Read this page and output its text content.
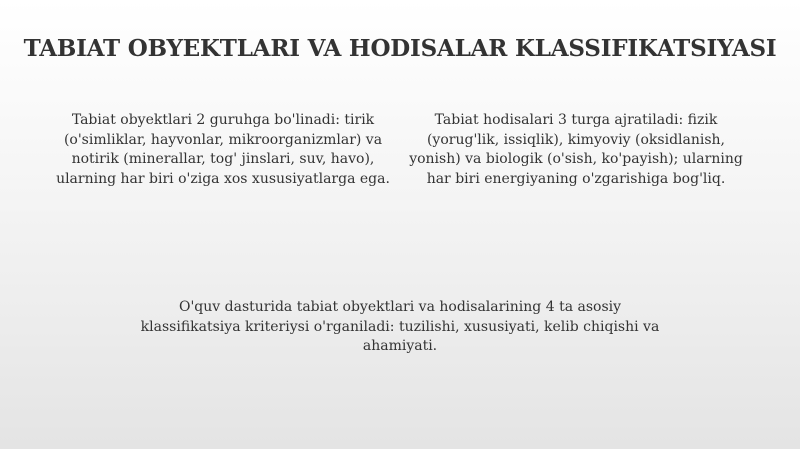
TABIAT OBYEKTLARI VA HODISALAR KLASSIFIKATSIYASI

Tabiat obyektlari 2 guruhga bo'linadi: tirik (o'simliklar, hayvonlar, mikroorganizmlar) va notirik (minerallar, tog' jinslari, suv, havo), ularning har biri o'ziga xos xususiyatlarga ega.

Tabiat hodisalari 3 turga ajratiladi: fizik (yorug'lik, issiqlik), kimyoviy (oksidlanish, yonish) va biologik (o'sish, ko'payish); ularning har biri energiyaning o'zgarishiga bog'liq.

O'quv dasturida tabiat obyektlari va hodisalarining 4 ta asosiy klassifikatsiya kriteriysi o'rganiladi: tuzilishi, xususiyati, kelib chiqishi va ahamiyati.
